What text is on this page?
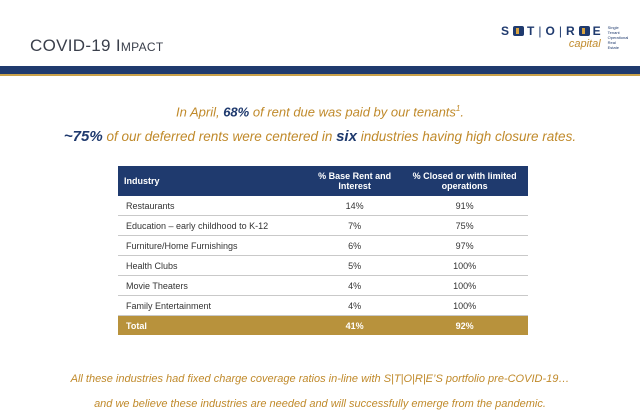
COVID-19 Impact
S T | O | R E
capital
Single Tenant Operational Real Estate
In April, 68% of rent due was paid by our tenants$^1$.
~75% of our deferred rents were centered in six industries having high closure rates.
Industry	% Base Rent and Interest	% Closed or with limited operations
Restaurants	14%	91%
Education – early childhood to K-12	7%	75%
Furniture/Home Furnishings	6%	97%
Health Clubs	5%	100%
Movie Theaters	4%	100%
Family Entertainment	4%	100%
Total	41%	92%
All these industries had fixed charge coverage ratios in-line with S|T|O|R|E’S portfolio pre-COVID-19…
and we believe these industries are needed and will successfully emerge from the pandemic.
